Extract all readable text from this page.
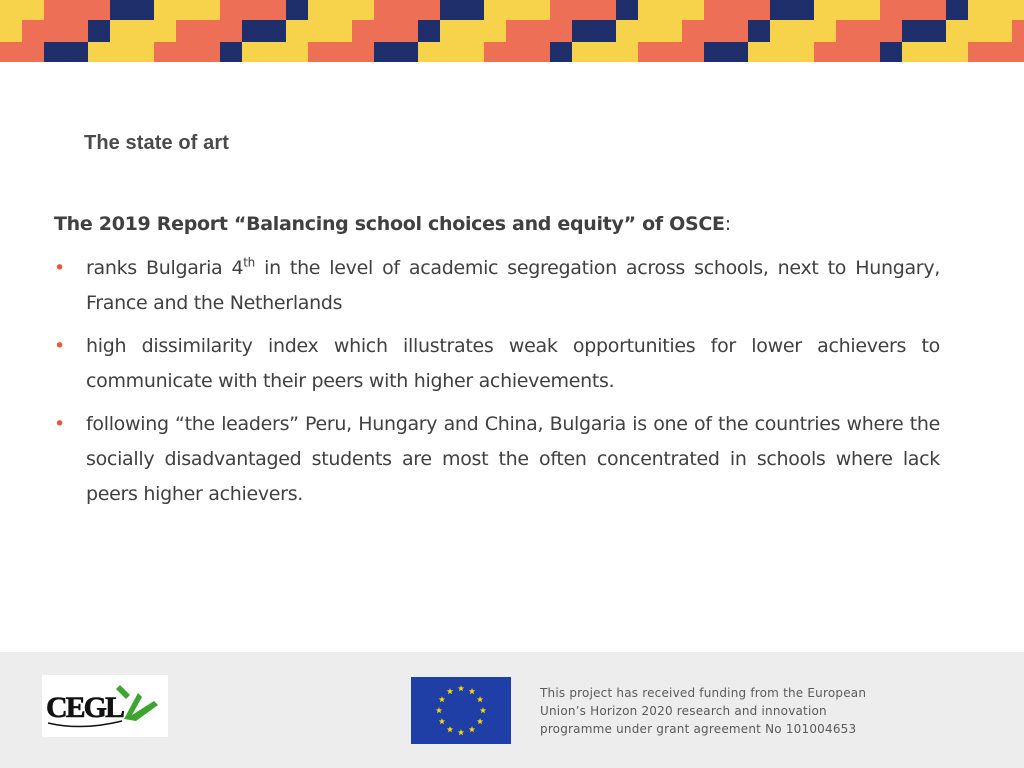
The state of art

The 2019 Report “Balancing school choices and equity” of OSCE:

• ranks Bulgaria 4th in the level of academic segregation across schools, next to Hungary, France and the Netherlands
• high dissimilarity index which illustrates weak opportunities for lower achievers to communicate with their peers with higher achievements.
• following “the leaders” Peru, Hungary and China, Bulgaria is one of the countries where the socially disadvantaged students are most the often concentrated in schools where lack peers higher achievers.
CEGL	This project has received funding from the European
Union’s Horizon 2020 research and innovation
programme under grant agreement No 101004653
